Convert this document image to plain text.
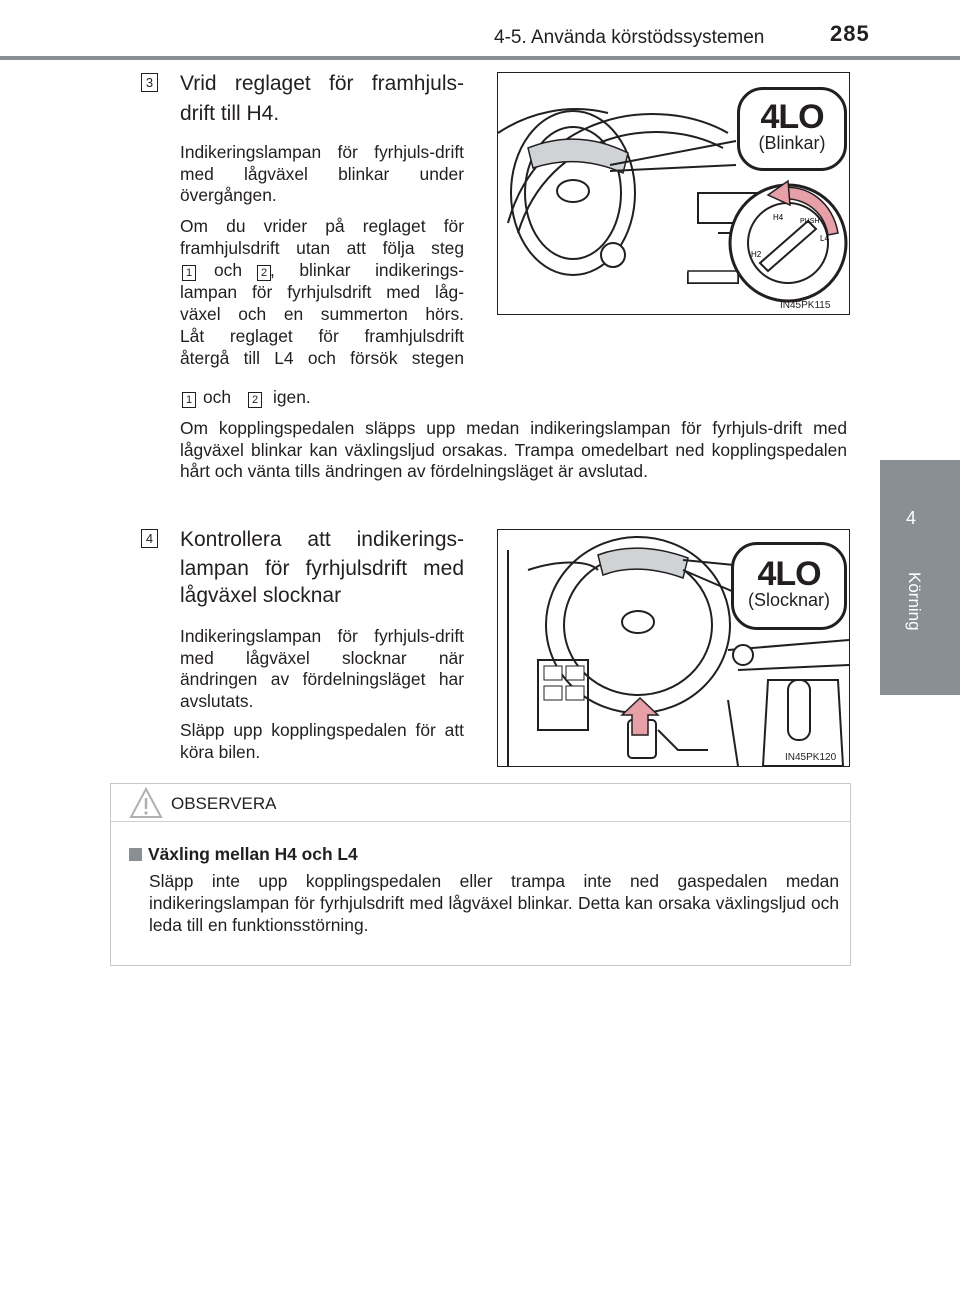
4-5. Använda körstödssystemen	285
4
Körning
3 Vrid reglaget för framhjuls-
drift till H4.
Indikeringslampan för fyrhjuls-drift med lågväxel blinkar under övergången.
Om du vrider på reglaget för
framhjulsdrift utan att följa steg
1 och	2 , blinkar indikerings-
lampan för fyrhjulsdrift med låg-
växel och en summerton hörs.
Låt reglaget för framhjulsdrift
återgå till L4 och försök stegen
1 och	2 igen.
Om kopplingspedalen släpps upp medan indikeringslampan för fyrhjuls-drift med lågväxel blinkar kan växlingsljud orsakas. Trampa omedelbart ned kopplingspedalen hårt och vänta tills ändringen av fördelningsläget är avslutad.
H2
H4 PUSH
L4
4LO
(Blinkar)
IN45PK115
4 Kontrollera att indikerings-
lampan för fyrhjulsdrift med
lågväxel slocknar
Indikeringslampan för fyrhjuls-drift med lågväxel slocknar när ändringen av fördelningsläget har avslutats.
Släpp upp kopplingspedalen för att köra bilen.
4LO
(Slocknar)
IN45PK120
OBSERVERA
Växling mellan H4 och L4
Släpp inte upp kopplingspedalen eller trampa inte ned gaspedalen medan indikeringslampan för fyrhjulsdrift med lågväxel blinkar. Detta kan orsaka växlingsljud och leda till en funktionsstörning.
